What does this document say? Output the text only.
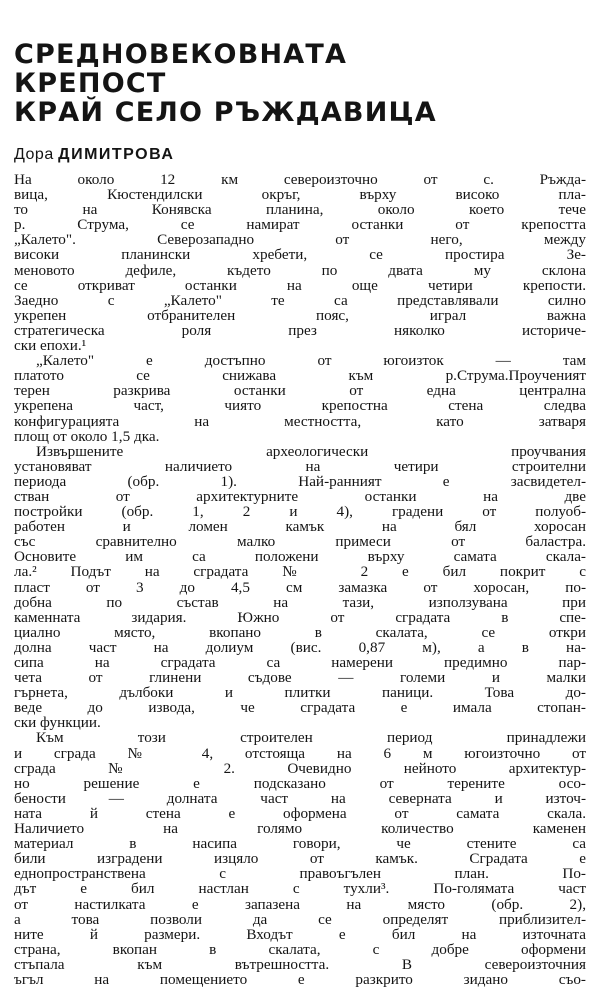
СРЕДНОВЕКОВНАТА
КРЕПОСТ
КРАЙ СЕЛО РЪЖДАВИЦА
Дора ДИМИТРОВА
На около 12 км североизточно от с. Ръжда-
вица, Кюстендилски окръг, върху високо пла-
то на Конявска планина, около което тече
р. Струма, се намират останки от крепостта
„Калето". Северозападно от него, между
високи планински хребети, се простира Зе-
меновото дефиле, където по двата му склона
се откриват останки на още четири крепости.
Заедно с „Калето" те са представлявали силно
укрепен отбранителен пояс, играл важна
стратегическа роля през няколко историче-
ски епохи.¹
„Калето" е достъпно от югоизток — там
платото се снижава към р.Струма.Проученият
терен разкрива останки от една централна
укрепена част, чиято крепостна стена следва
конфигурацията на местността, като затваря
площ от около 1,5 дка.
Извършените археологически проучвания
установяват наличието на четири строителни
периода (обр. 1). Най-ранният е засвидетел-
стван от архитектурните останки на две
постройки (обр. 1, 2 и 4), градени от полуоб-
работен и ломен камък на бял хоросан
със сравнително малко примеси от баластра.
Основите им са положени върху самата скала-
ла.² Подът на сградата № 2 е бил покрит с
пласт от 3 до 4,5 см замазка от хоросан, по-
добна по състав на тази, използувана при
каменната зидария. Южно от сградата в спе-
циално място, вкопано в скалата, се откри
долна част на долиум (вис. 0,87 м), а в на-
сипа на сградата са намерени предимно пар-
чета от глинени съдове — големи и малки
гърнета, дълбоки и плитки паници. Това до-
веде до извода, че сградата е имала стопан-
ски функции.
Към този строителен период принадлежи
и сграда № 4, отстояща на 6 м югоизточно от
сграда № 2. Очевидно нейното архитектур-
но решение е подсказано от терените осо-
бености — долната част на северната и източ-
ната й стена е оформена от самата скала.
Наличието на голямо количество каменен
материал в насипа говори, че стените са
били изградени изцяло от камък. Сградата е
еднопространствена с правоъгълен план. По-
дът е бил настлан с тухли³. По-голямата част
от настилката е запазена на място (обр. 2),
а това позволи да се определят приблизител-
ните й размери. Входът е бил на източната
страна, вкопан в скалата, с добре оформени
стъпала към вътрешността. В североизточния
ъгъл на помещението е разкрито зидано съо-
